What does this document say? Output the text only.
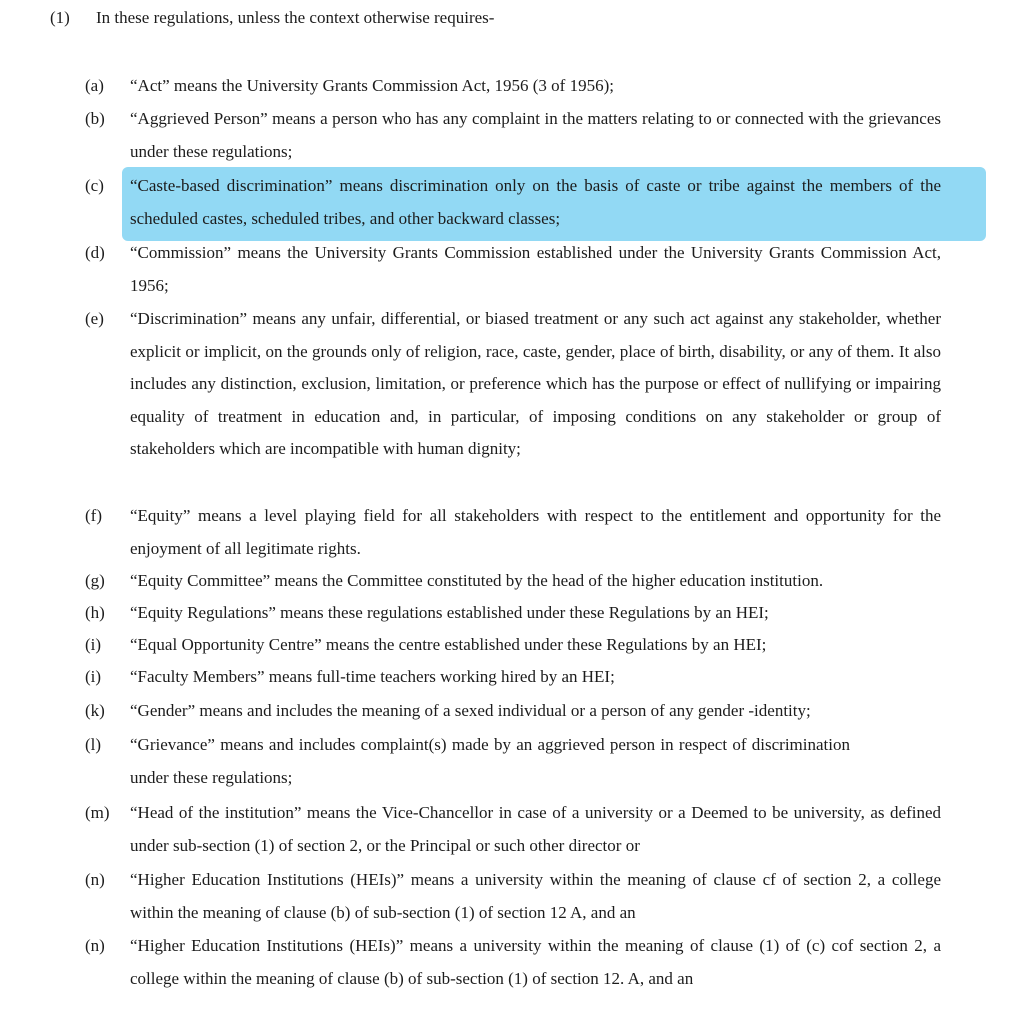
(1) In these regulations, unless the context otherwise requires-
(a) “Act” means the University Grants Commission Act, 1956 (3 of 1956);
(b) “Aggrieved Person” means a person who has any complaint in the matters relating to or connected with the grievances under these regulations;
(c) “Caste-based discrimination” means discrimination only on the basis of caste or tribe against the members of the scheduled castes, scheduled tribes, and other backward classes;
(d) “Commission” means the University Grants Commission established under the University Grants Commission Act, 1956;
(e) “Discrimination” means any unfair, differential, or biased treatment or any such act against any stakeholder, whether explicit or implicit, on the grounds only of religion, race, caste, gender, place of birth, disability, or any of them. It also includes any distinction, exclusion, limitation, or preference which has the purpose or effect of nullifying or impairing equality of treatment in education and, in particular, of imposing conditions on any stakeholder or group of stakeholders which are incompatible with human dignity;
(f) “Equity” means a level playing field for all stakeholders with respect to the entitlement and opportunity for the enjoyment of all legitimate rights.
(g) “Equity Committee” means the Committee constituted by the head of the higher education institution.
(h) “Equity Regulations” means these regulations established under these Regulations by an HEI;
(i) “Equal Opportunity Centre” means the centre established under these Regulations by an HEI;
(i) “Faculty Members” means full-time teachers working hired by an HEI;
(k) “Gender” means and includes the meaning of a sexed individual or a person of any gender -identity;
(l) “Grievance” means and includes complaint(s) made by an aggrieved person in respect of discrimination under these regulations;
(m) “Head of the institution” means the Vice-Chancellor in case of a university or a Deemed to be university, as defined under sub-section (1) of section 2, or the Principal or such other director or
(n) “Higher Education Institutions (HEIs)” means a university within the meaning of clause cf of section 2, a college within the meaning of clause (b) of sub-section (1) of section 12 A, and an
(n) “Higher Education Institutions (HEIs)” means a university within the meaning of clause (1) of (c) cof section 2, a college within the meaning of clause (b) of sub-section (1) of section 12. A, and an
